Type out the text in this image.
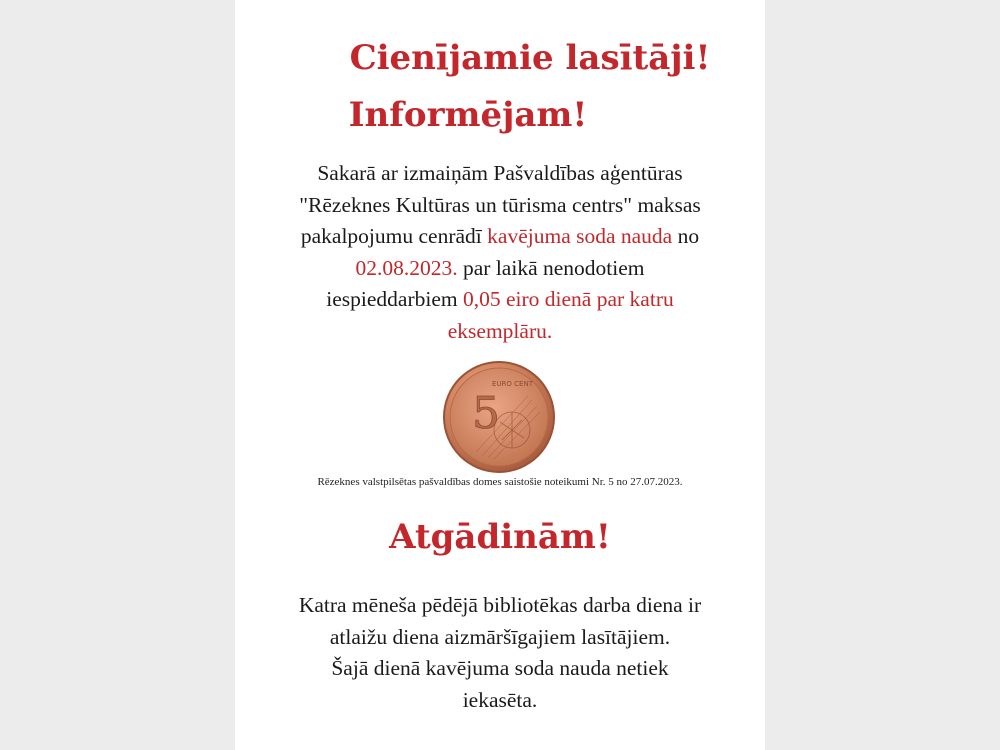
Cienījamie lasītāji!
Informējam!
Sakarā ar izmaiņām Pašvaldības aģentūras
"Rēzeknes Kultūras un tūrisma centrs" maksas
pakalpojumu cenrādī kavējuma soda nauda no
02.08.2023. par laikā nenodotiem
iespieddarbiem 0,05 eiro dienā par katru
eksemplāru.
5
EURO CENT
Rēzeknes valstpilsētas pašvaldības domes saistošie noteikumi Nr. 5 no 27.07.2023.
Atgādinām!
Katra mēneša pēdējā bibliotēkas darba diena ir
atlaižu diena aizmāršīgajiem lasītājiem.
Šajā dienā kavējuma soda nauda netiek
iekasēta.
